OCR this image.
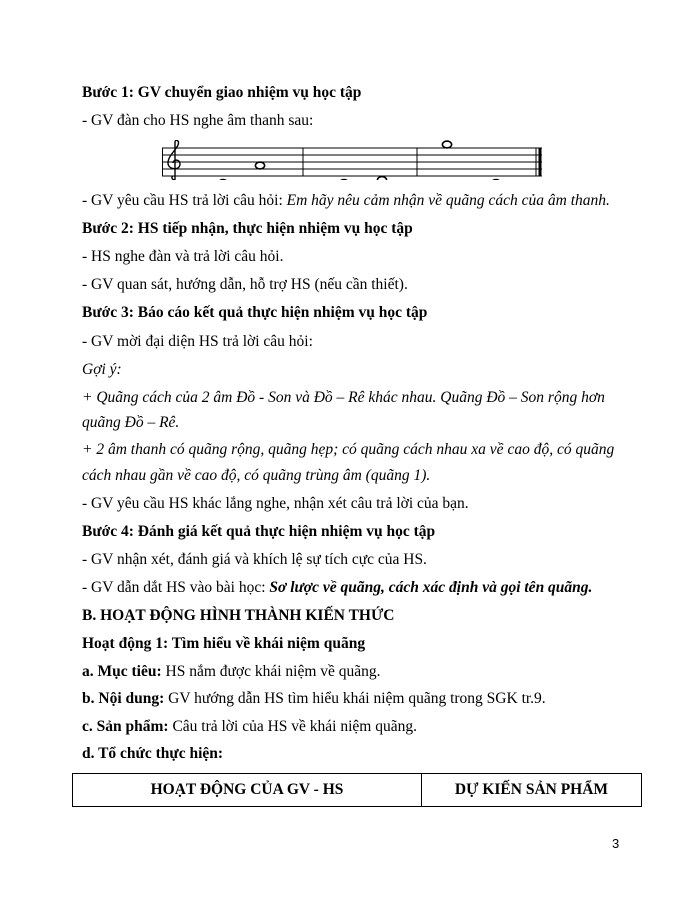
Bước 1: GV chuyển giao nhiệm vụ học tập
- GV đàn cho HS nghe âm thanh sau:
- GV yêu cầu HS trả lời câu hỏi: Em hãy nêu cảm nhận về quãng cách của âm thanh.
Bước 2: HS tiếp nhận, thực hiện nhiệm vụ học tập
- HS nghe đàn và trả lời câu hỏi.
- GV quan sát, hướng dẫn, hỗ trợ HS (nếu cần thiết).
Bước 3: Báo cáo kết quả thực hiện nhiệm vụ học tập
- GV mời đại diện HS trả lời câu hỏi:
Gợi ý:
+ Quãng cách của 2 âm Đồ - Son và Đồ – Rê khác nhau. Quãng Đồ – Son rộng hơn
quãng Đồ – Rê.
+ 2 âm thanh có quãng rộng, quãng hẹp; có quãng cách nhau xa về cao độ, có quãng
cách nhau gần về cao độ, có quãng trùng âm (quãng 1).
- GV yêu cầu HS khác lắng nghe, nhận xét câu trả lời của bạn.
Bước 4: Đánh giá kết quả thực hiện nhiệm vụ học tập
- GV nhận xét, đánh giá và khích lệ sự tích cực của HS.
- GV dẫn dắt HS vào bài học: Sơ lược về quãng, cách xác định và gọi tên quãng.
B. HOẠT ĐỘNG HÌNH THÀNH KIẾN THỨC
Hoạt động 1: Tìm hiểu về khái niệm quãng
a. Mục tiêu: HS nắm được khái niệm về quãng.
b. Nội dung: GV hướng dẫn HS tìm hiểu khái niệm quãng trong SGK tr.9.
c. Sản phẩm: Câu trả lời của HS về khái niệm quãng.
d. Tổ chức thực hiện:
HOẠT ĐỘNG CỦA GV - HS	DỰ KIẾN SẢN PHẨM
3
